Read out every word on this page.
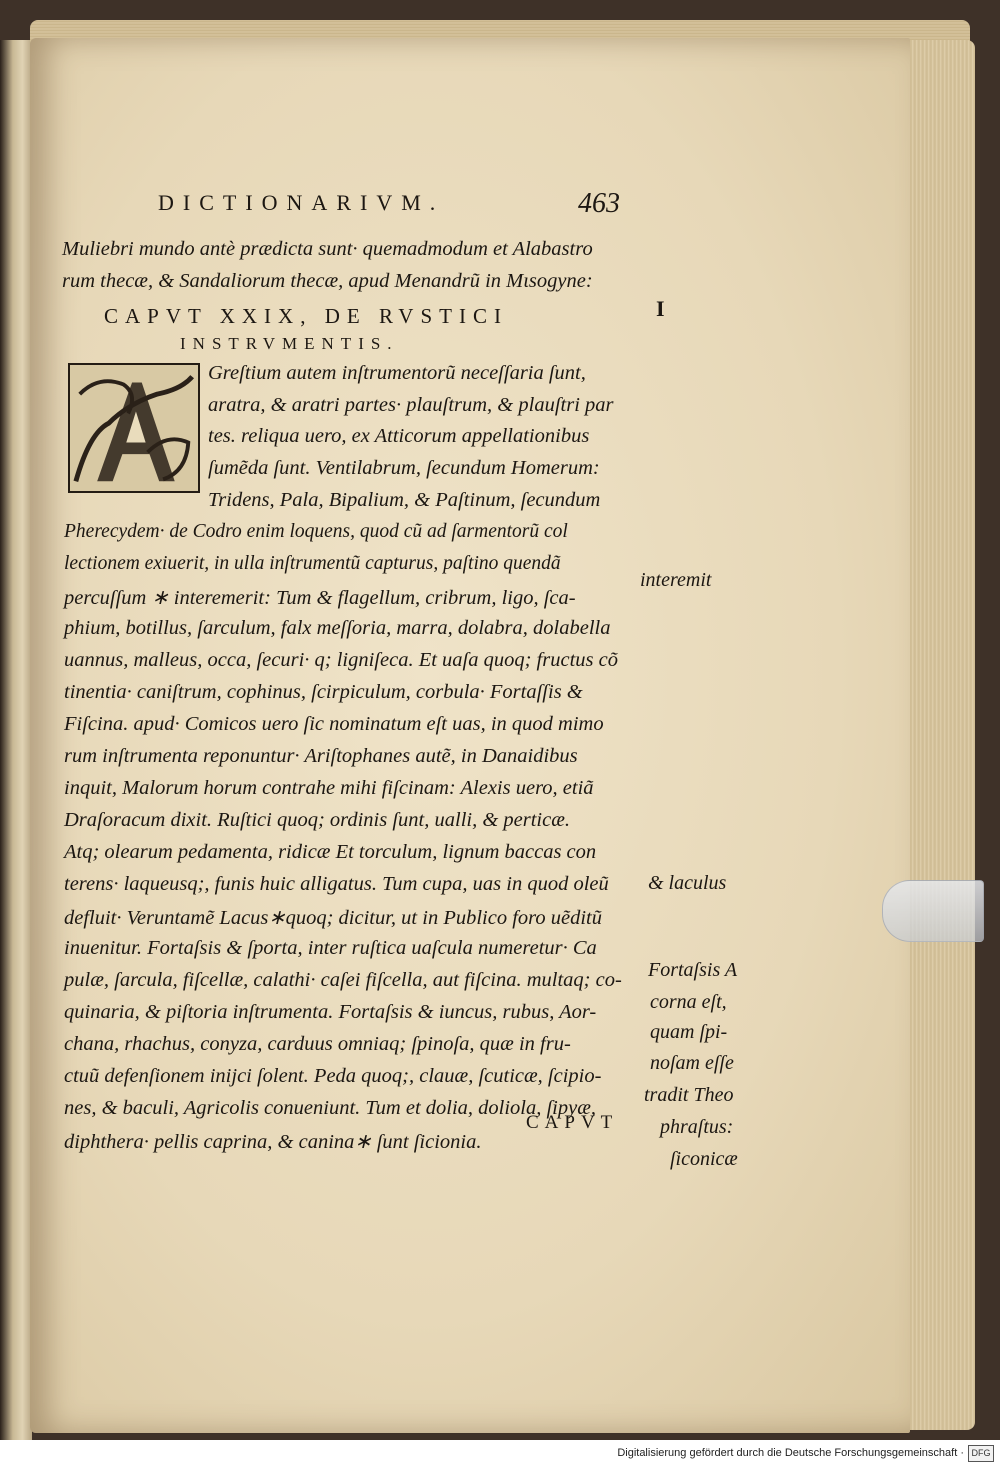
DICTIONARIVM.	463
Muliebri mundo antè prædicta sunt· quemadmodum et Alabastro
rum thecæ, & Sandaliorum thecæ, apud Menandrũ in Mιsogyne:
CAPVT XXIX, DE RVSTICI
INSTRVMENTIS.
Greſtium autem inſtrumentorũ neceſſaria ſunt,
aratra, & aratri partes· plauſtrum, & plauſtri par
tes. reliqua uero, ex Atticorum appellationibus
ſumẽda ſunt. Ventilabrum, ſecundum Homerum:
Tridens, Pala, Bipalium, & Paſtinum, ſecundum
Pherecydem· de Codro enim loquens, quod cũ ad ſarmentorũ col
lectionem exiuerit, in ulla inſtrumentũ capturus, paſtino quendã
percuſſum ∗ interemerit: Tum & flagellum, cribrum, ligo, ſca-
phium, botillus, ſarculum, falx meſſoria, marra, dolabra, dolabella
uannus, malleus, occa, ſecuri· q; ligniſeca. Et uaſa quoq; fructus cõ
tinentia· caniſtrum, cophinus, ſcirpiculum, corbula· Fortaſſis &
Fiſcina. apud· Comicos uero ſic nominatum eſt uas, in quod mimo
rum inſtrumenta reponuntur· Ariſtophanes autẽ, in Danaidibus
inquit, Malorum horum contrahe mihi fiſcinam: Alexis uero, etiã
Draſoracum dixit. Ruſtici quoq; ordinis ſunt, ualli, & perticæ.
Atq; olearum pedamenta, ridicæ Et torculum, lignum baccas con
terens· laqueusq;, funis huic alligatus. Tum cupa, uas in quod oleũ
defluit· Veruntamẽ Lacus∗quoq; dicitur, ut in Publico foro uẽditũ
inuenitur. Fortaſsis & ſporta, inter ruſtica uaſcula numeretur· Ca
pulæ, ſarcula, fiſcellæ, calathi· caſei fiſcella, aut fiſcina. multaq; co-
quinaria, & piſtoria inſtrumenta. Fortaſsis & iuncus, rubus, Aor-
chana, rhachus, conyza, carduus omniaq; ſpinoſa, quæ in fru-
ctuũ defenſionem inijci ſolent. Peda quoq;, clauæ, ſcuticæ, ſcipio-
nes, & baculi, Agricolis conueniunt. Tum et dolia, doliola, ſipyæ,
diphthera· pellis caprina, & canina∗ ſunt ſicionia.
CAPVT
I
interemit
& laculus
Fortaſsis A
corna eſt,
quam ſpi-
noſam eſſe
tradit Theo
phraſtus:
ſiconicæ
Digitalisierung gefördert durch die Deutsche Forschungsgemeinschaft · DFG
